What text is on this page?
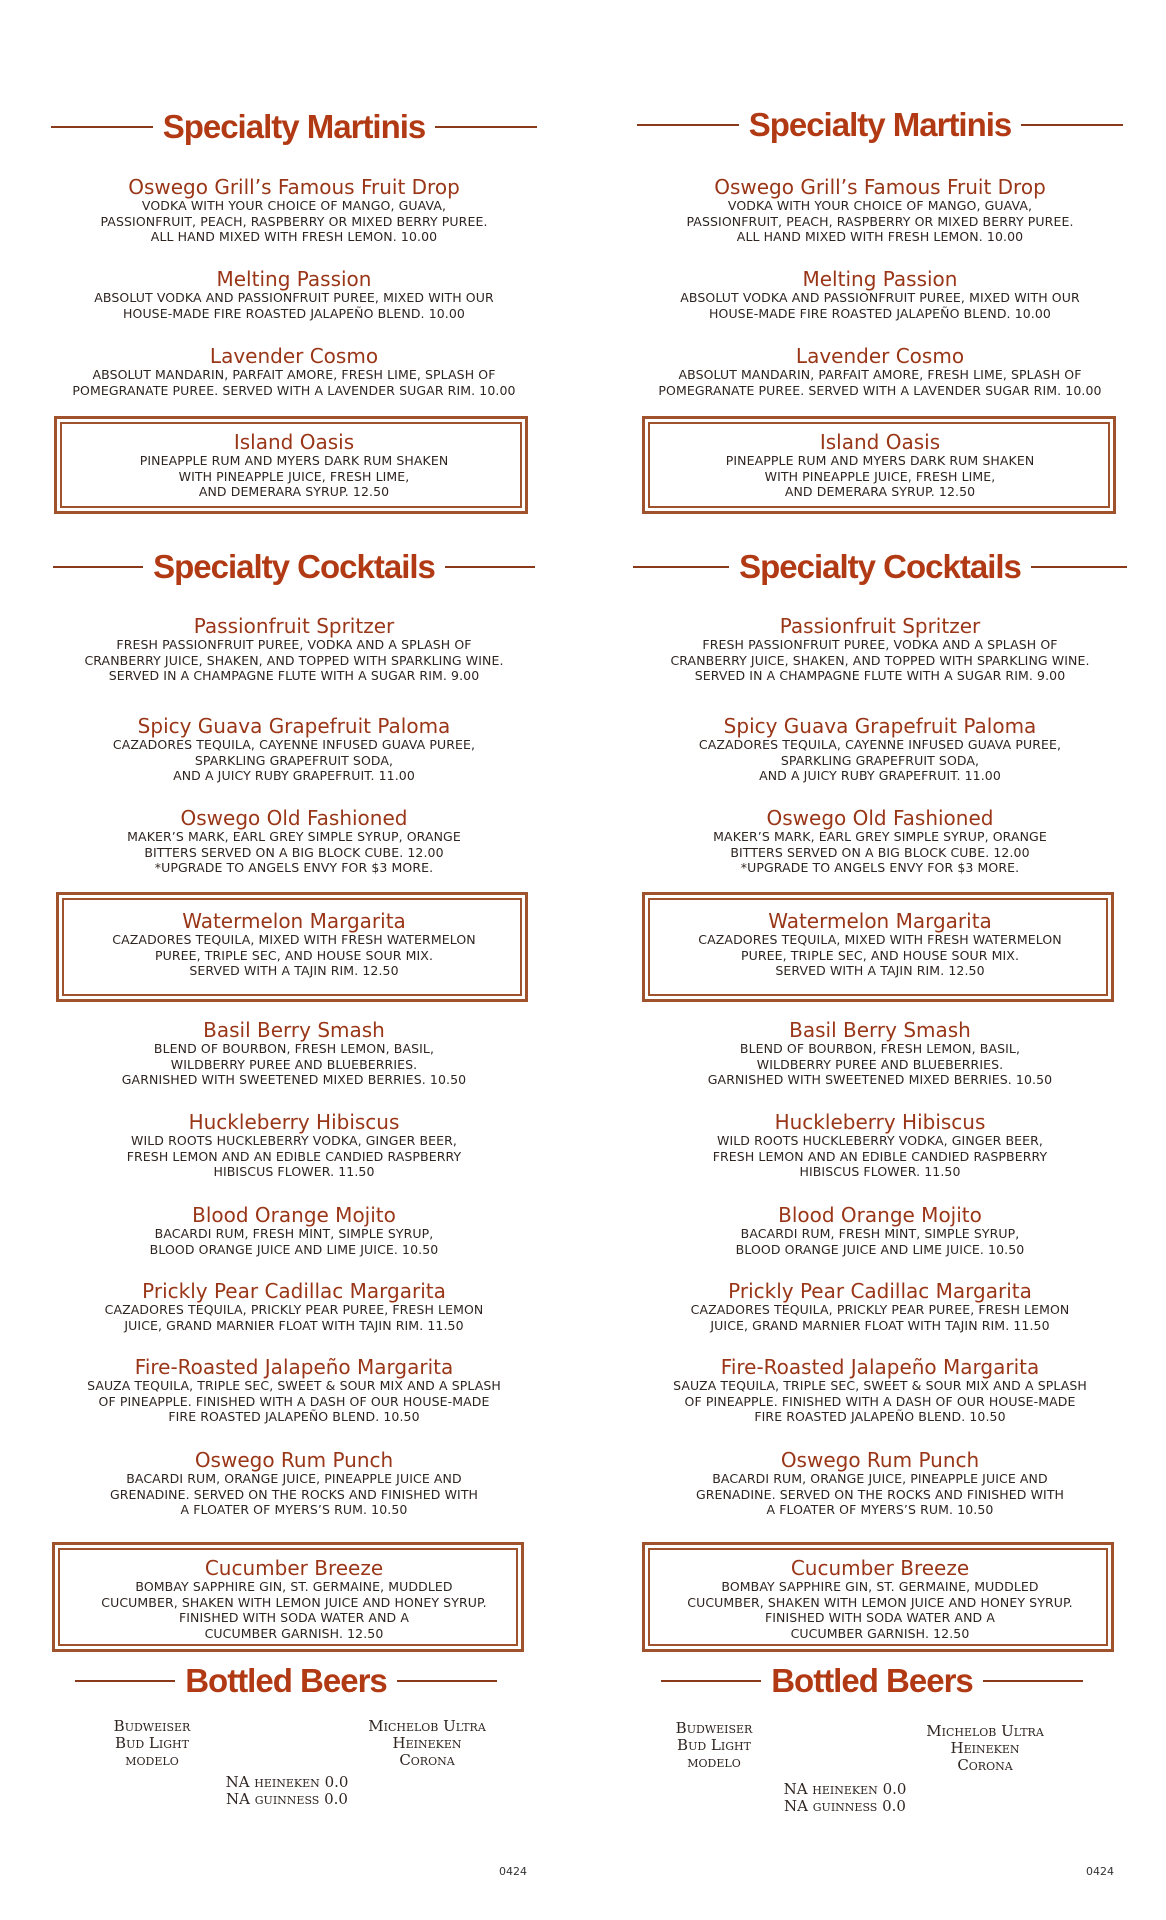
Specialty Martinis
Oswego Grill’s Famous Fruit Drop
VODKA WITH YOUR CHOICE OF MANGO, GUAVA,
PASSIONFRUIT, PEACH, RASPBERRY OR MIXED BERRY PUREE.
ALL HAND MIXED WITH FRESH LEMON. 10.00
Melting Passion
ABSOLUT VODKA AND PASSIONFRUIT PUREE, MIXED WITH OUR
HOUSE-MADE FIRE ROASTED JALAPEÑO BLEND. 10.00
Lavender Cosmo
ABSOLUT MANDARIN, PARFAIT AMORE, FRESH LIME, SPLASH OF
POMEGRANATE PUREE. SERVED WITH A LAVENDER SUGAR RIM. 10.00
Island Oasis
PINEAPPLE RUM AND MYERS DARK RUM SHAKEN
WITH PINEAPPLE JUICE, FRESH LIME,
AND DEMERARA SYRUP. 12.50
Specialty Cocktails
Passionfruit Spritzer
FRESH PASSIONFRUIT PUREE, VODKA AND A SPLASH OF
CRANBERRY JUICE, SHAKEN, AND TOPPED WITH SPARKLING WINE.
SERVED IN A CHAMPAGNE FLUTE WITH A SUGAR RIM. 9.00
Spicy Guava Grapefruit Paloma
CAZADORES TEQUILA, CAYENNE INFUSED GUAVA PUREE,
SPARKLING GRAPEFRUIT SODA,
AND A JUICY RUBY GRAPEFRUIT. 11.00
Oswego Old Fashioned
MAKER’S MARK, EARL GREY SIMPLE SYRUP, ORANGE
BITTERS SERVED ON A BIG BLOCK CUBE. 12.00
*UPGRADE TO ANGELS ENVY FOR $3 MORE.
Watermelon Margarita
CAZADORES TEQUILA, MIXED WITH FRESH WATERMELON
PUREE, TRIPLE SEC, AND HOUSE SOUR MIX.
SERVED WITH A TAJIN RIM. 12.50
Basil Berry Smash
BLEND OF BOURBON, FRESH LEMON, BASIL,
WILDBERRY PUREE AND BLUEBERRIES.
GARNISHED WITH SWEETENED MIXED BERRIES. 10.50
Huckleberry Hibiscus
WILD ROOTS HUCKLEBERRY VODKA, GINGER BEER,
FRESH LEMON AND AN EDIBLE CANDIED RASPBERRY
HIBISCUS FLOWER. 11.50
Blood Orange Mojito
BACARDI RUM, FRESH MINT, SIMPLE SYRUP,
BLOOD ORANGE JUICE AND LIME JUICE. 10.50
Prickly Pear Cadillac Margarita
CAZADORES TEQUILA, PRICKLY PEAR PUREE, FRESH LEMON
JUICE, GRAND MARNIER FLOAT WITH TAJIN RIM. 11.50
Fire-Roasted Jalapeño Margarita
SAUZA TEQUILA, TRIPLE SEC, SWEET & SOUR MIX AND A SPLASH
OF PINEAPPLE. FINISHED WITH A DASH OF OUR HOUSE-MADE
FIRE ROASTED JALAPEÑO BLEND. 10.50
Oswego Rum Punch
BACARDI RUM, ORANGE JUICE, PINEAPPLE JUICE AND
GRENADINE. SERVED ON THE ROCKS AND FINISHED WITH
A FLOATER OF MYERS’S RUM. 10.50
Cucumber Breeze
BOMBAY SAPPHIRE GIN, ST. GERMAINE, MUDDLED
CUCUMBER, SHAKEN WITH LEMON JUICE AND HONEY SYRUP.
FINISHED WITH SODA WATER AND A
CUCUMBER GARNISH. 12.50
Bottled Beers
Budweiser
Bud Light
modelo
Michelob Ultra
Heineken
Corona
NA heineken 0.0
NA guinness 0.0
0424
Specialty Martinis
Oswego Grill’s Famous Fruit Drop
VODKA WITH YOUR CHOICE OF MANGO, GUAVA,
PASSIONFRUIT, PEACH, RASPBERRY OR MIXED BERRY PUREE.
ALL HAND MIXED WITH FRESH LEMON. 10.00
Melting Passion
ABSOLUT VODKA AND PASSIONFRUIT PUREE, MIXED WITH OUR
HOUSE-MADE FIRE ROASTED JALAPEÑO BLEND. 10.00
Lavender Cosmo
ABSOLUT MANDARIN, PARFAIT AMORE, FRESH LIME, SPLASH OF
POMEGRANATE PUREE. SERVED WITH A LAVENDER SUGAR RIM. 10.00
Island Oasis
PINEAPPLE RUM AND MYERS DARK RUM SHAKEN
WITH PINEAPPLE JUICE, FRESH LIME,
AND DEMERARA SYRUP. 12.50
Specialty Cocktails
Passionfruit Spritzer
FRESH PASSIONFRUIT PUREE, VODKA AND A SPLASH OF
CRANBERRY JUICE, SHAKEN, AND TOPPED WITH SPARKLING WINE.
SERVED IN A CHAMPAGNE FLUTE WITH A SUGAR RIM. 9.00
Spicy Guava Grapefruit Paloma
CAZADORES TEQUILA, CAYENNE INFUSED GUAVA PUREE,
SPARKLING GRAPEFRUIT SODA,
AND A JUICY RUBY GRAPEFRUIT. 11.00
Oswego Old Fashioned
MAKER’S MARK, EARL GREY SIMPLE SYRUP, ORANGE
BITTERS SERVED ON A BIG BLOCK CUBE. 12.00
*UPGRADE TO ANGELS ENVY FOR $3 MORE.
Watermelon Margarita
CAZADORES TEQUILA, MIXED WITH FRESH WATERMELON
PUREE, TRIPLE SEC, AND HOUSE SOUR MIX.
SERVED WITH A TAJIN RIM. 12.50
Basil Berry Smash
BLEND OF BOURBON, FRESH LEMON, BASIL,
WILDBERRY PUREE AND BLUEBERRIES.
GARNISHED WITH SWEETENED MIXED BERRIES. 10.50
Huckleberry Hibiscus
WILD ROOTS HUCKLEBERRY VODKA, GINGER BEER,
FRESH LEMON AND AN EDIBLE CANDIED RASPBERRY
HIBISCUS FLOWER. 11.50
Blood Orange Mojito
BACARDI RUM, FRESH MINT, SIMPLE SYRUP,
BLOOD ORANGE JUICE AND LIME JUICE. 10.50
Prickly Pear Cadillac Margarita
CAZADORES TEQUILA, PRICKLY PEAR PUREE, FRESH LEMON
JUICE, GRAND MARNIER FLOAT WITH TAJIN RIM. 11.50
Fire-Roasted Jalapeño Margarita
SAUZA TEQUILA, TRIPLE SEC, SWEET & SOUR MIX AND A SPLASH
OF PINEAPPLE. FINISHED WITH A DASH OF OUR HOUSE-MADE
FIRE ROASTED JALAPEÑO BLEND. 10.50
Oswego Rum Punch
BACARDI RUM, ORANGE JUICE, PINEAPPLE JUICE AND
GRENADINE. SERVED ON THE ROCKS AND FINISHED WITH
A FLOATER OF MYERS’S RUM. 10.50
Cucumber Breeze
BOMBAY SAPPHIRE GIN, ST. GERMAINE, MUDDLED
CUCUMBER, SHAKEN WITH LEMON JUICE AND HONEY SYRUP.
FINISHED WITH SODA WATER AND A
CUCUMBER GARNISH. 12.50
Bottled Beers
Budweiser
Bud Light
modelo
Michelob Ultra
Heineken
Corona
NA heineken 0.0
NA guinness 0.0
0424
